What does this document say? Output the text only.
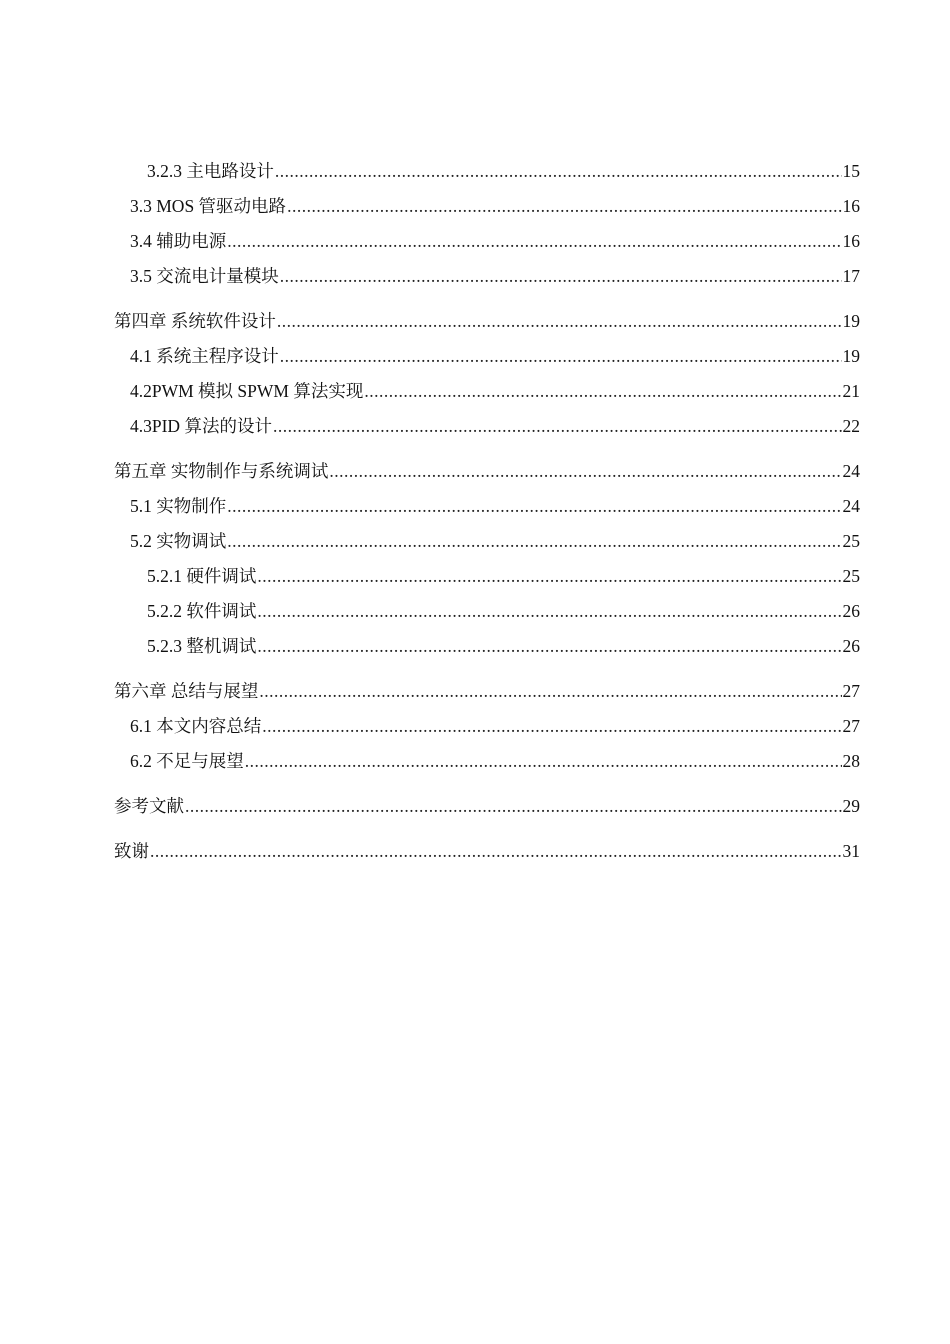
3.2.3 主电路设计 .....	15
3.3 MOS 管驱动电路 .....	16
3.4 辅助电源 .....	16
3.5 交流电计量模块 .....	17
第四章 系统软件设计 .....	19
4.1 系统主程序设计 .....	19
4.2PWM 模拟 SPWM 算法实现 .....	21
4.3PID 算法的设计 .....	22
第五章 实物制作与系统调试 .....	24
5.1 实物制作 .....	24
5.2 实物调试 .....	25
5.2.1 硬件调试 .....	25
5.2.2 软件调试 .....	26
5.2.3 整机调试 .....	26
第六章 总结与展望 .....	27
6.1 本文内容总结 .....	27
6.2 不足与展望 .....	28
参考文献 .....	29
致谢 .....	31
